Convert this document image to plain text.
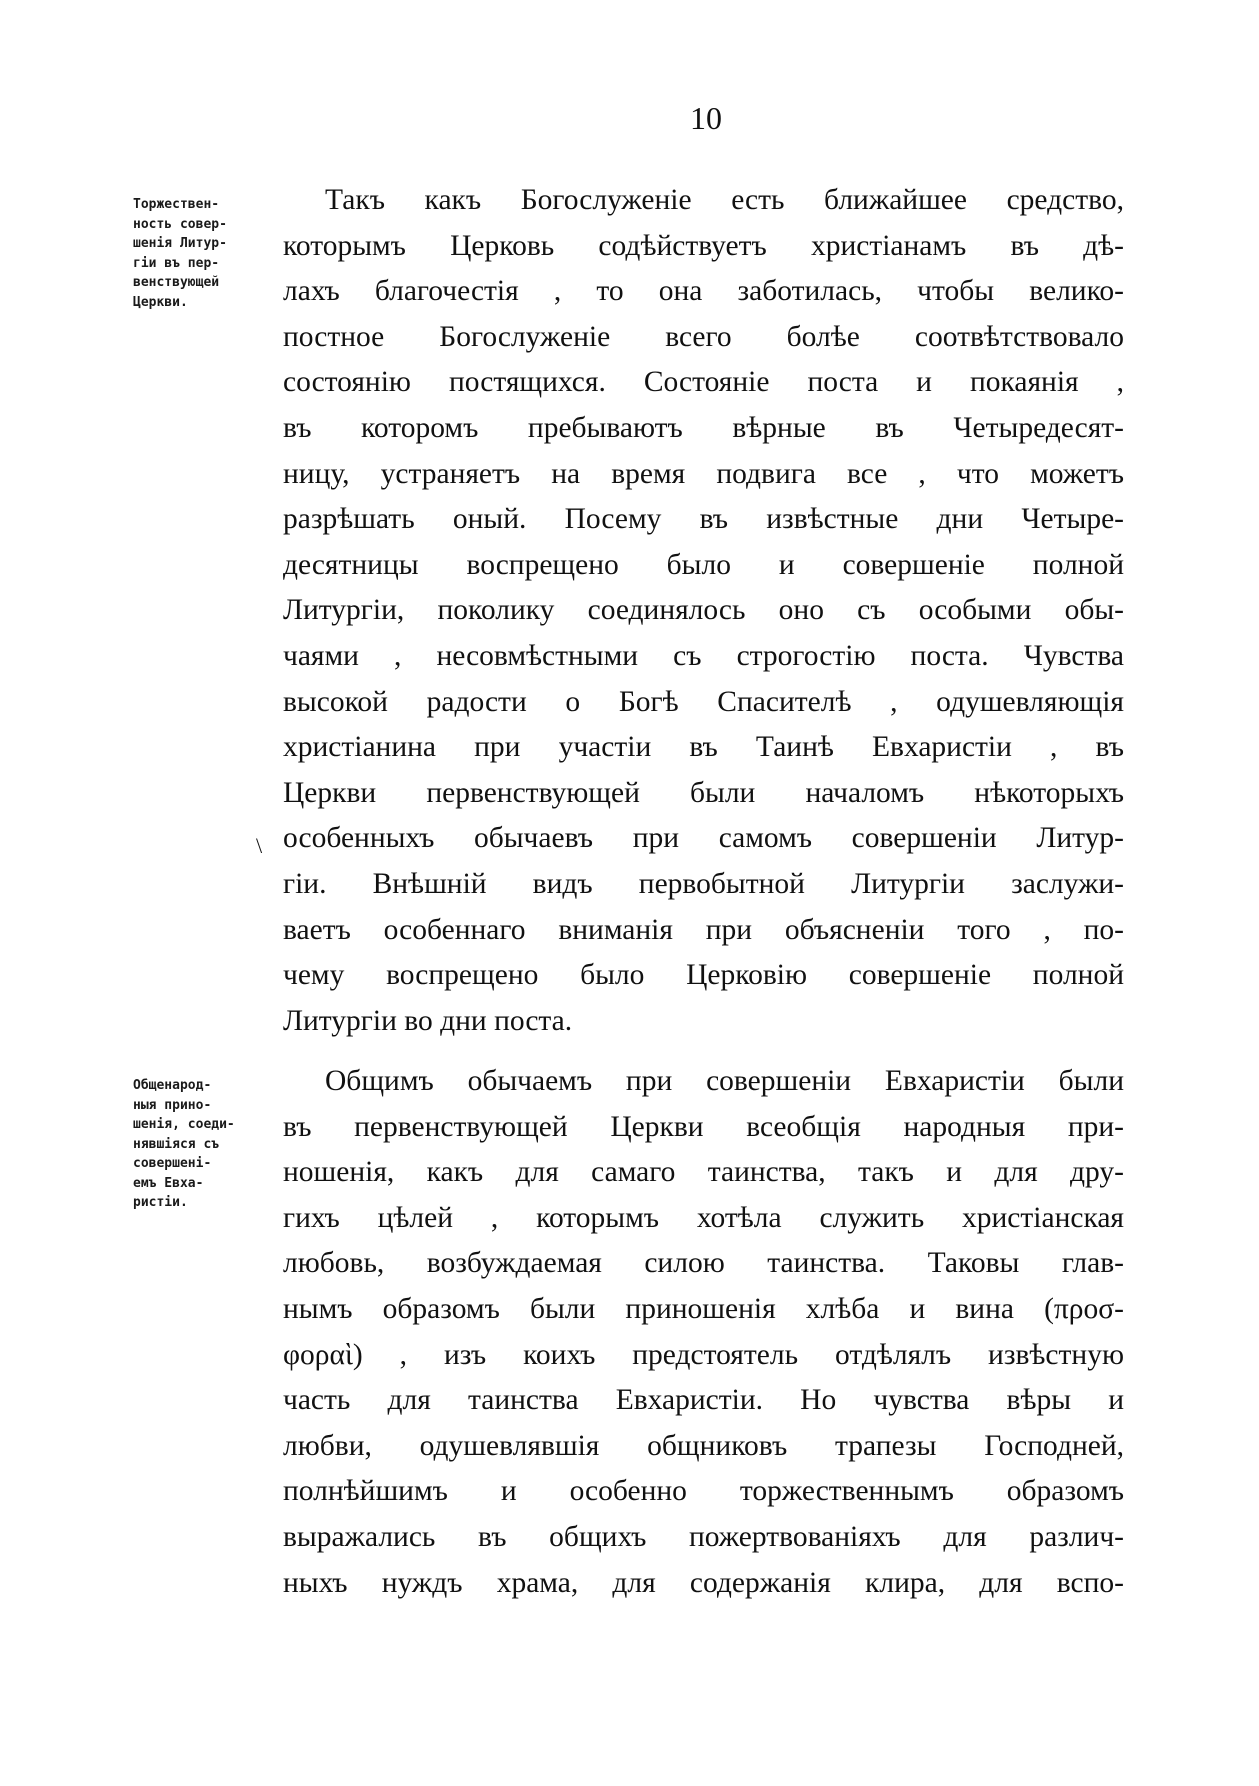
10
Торжествен-
ность совер-
шенія Литур-
гіи въ пер-
венствующей
Церкви.
Такъ какъ Богослуженіе есть ближайшее средство,
которымъ Церковь содѣйствуетъ христіанамъ въ дѣ-
лахъ благочестія , то она заботилась, чтобы велико-
постное Богослуженіе всего болѣе соотвѣтствовало
состоянію постящихся. Состояніе поста и покаянія ,
въ которомъ пребываютъ вѣрные въ Четыредесят-
ницу, устраняетъ на время подвига все , что можетъ
разрѣшать оный. Посему въ извѣстные дни Четыре-
десятницы воспрещено было и совершеніе полной
Литургіи, поколику соединялось оно съ особыми обы-
чаями , несовмѣстными съ строгостію поста. Чувства
высокой радости о Богѣ Спасителѣ , одушевляющія
христіанина при участіи въ Таинѣ Евхаристіи , въ
Церкви первенствующей были началомъ нѣкоторыхъ
особенныхъ обычаевъ при самомъ совершеніи Литур-
гіи. Внѣшній видъ первобытной Литургіи заслужи-
ваетъ особеннаго вниманія при объясненіи того , по-
чему воспрещено было Церковію совершеніе полной
Литургіи во дни поста.
\
Общенарод-
ныя прино-
шенія, соеди-
нявшіяся съ
совершені-
емъ Евха-
ристіи.
Общимъ обычаемъ при совершеніи Евхаристіи были
въ первенствующей Церкви всеобщія народныя при-
ношенія, какъ для самаго таинства, такъ и для дру-
гихъ цѣлей , которымъ хотѣла служить христіанская
любовь, возбуждаемая силою таинства. Таковы глав-
нымъ образомъ были приношенія хлѣба и вина (προσ-
φοραὶ) , изъ коихъ предстоятель отдѣлялъ извѣстную
часть для таинства Евхаристіи. Но чувства вѣры и
любви, одушевлявшія общниковъ трапезы Господней,
полнѣйшимъ и особенно торжественнымъ образомъ
выражались въ общихъ пожертвованіяхъ для различ-
ныхъ нуждъ храма, для содержанія клира, для вспо-
